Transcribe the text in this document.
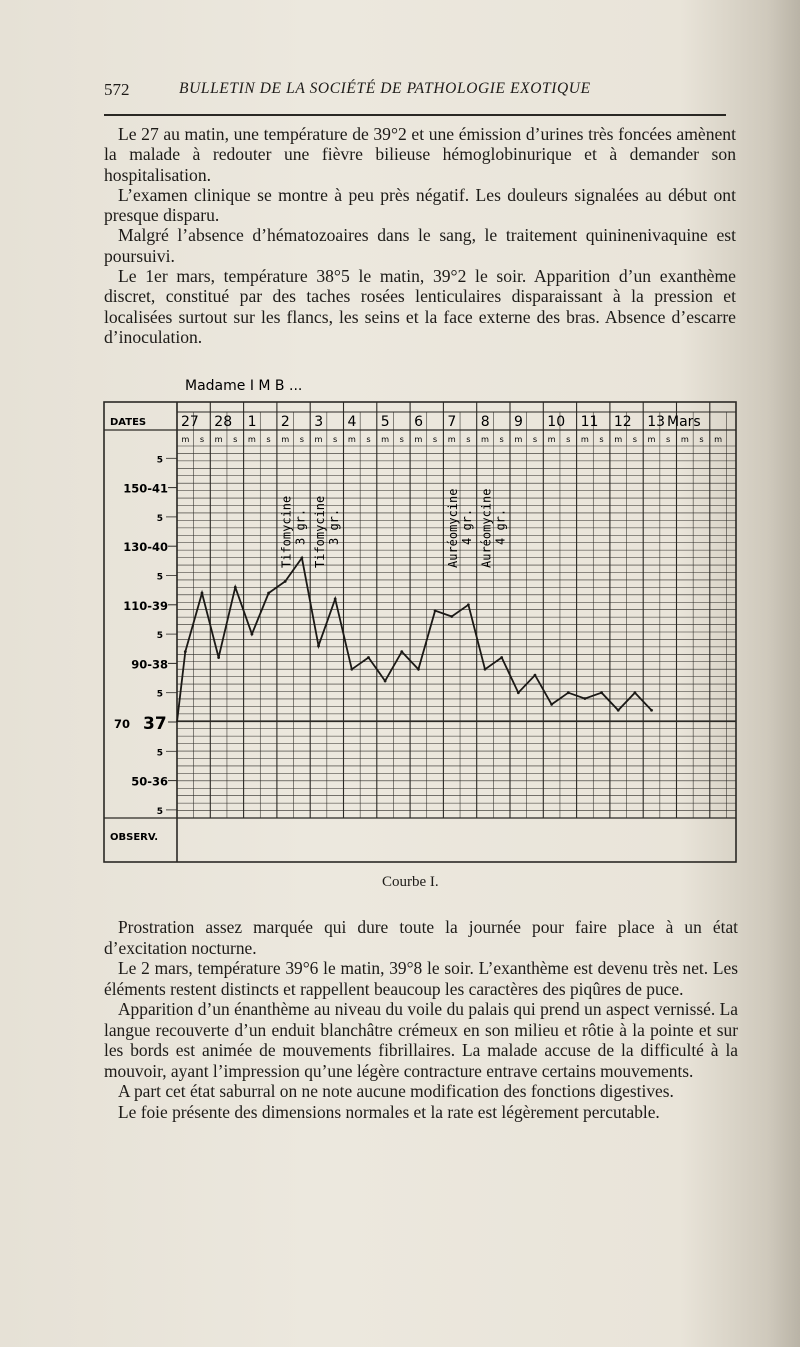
572	BULLETIN DE LA SOCIÉTÉ DE PATHOLOGIE EXOTIQUE

Le 27 au matin, une température de 39°2 et une émission d’urines très foncées amènent la malade à redouter une fièvre bilieuse hémoglobinurique et à demander son hospitalisation.

L’examen clinique se montre à peu près négatif. Les douleurs signalées au début ont presque disparu.

Malgré l’absence d’hématozoaires dans le sang, le traitement quininenivaquine est poursuivi.

Le 1er mars, température 38°5 le matin, 39°2 le soir. Apparition d’un exanthème discret, constitué par des taches rosées lenticulaires disparaissant à la pression et localisées surtout sur les flancs, les seins et la face externe des bras. Absence d’escarre d’inoculation.

Madame I M B ...
DATES
OBSERV.
Mars
27 28 1 2 3 4 5 6 7 8 9 10 11 12 13
m s m s m s m s m s m s m s m s m s m s m s m s m s m s m s m s m
150-41
130-40
110-39
90-38
70 37
50-36
5
5
5
5
5
5
5
Tifomycine 3 gr. Tifomycine 3 gr.	Auréomycine 4 gr. Auréomycine 4 gr.
Courbe I.

Prostration assez marquée qui dure toute la journée pour faire place à un état d’excitation nocturne.

Le 2 mars, température 39°6 le matin, 39°8 le soir. L’exanthème est devenu très net. Les éléments restent distincts et rappellent beaucoup les caractères des piqûres de puce.

Apparition d’un énanthème au niveau du voile du palais qui prend un aspect vernissé. La langue recouverte d’un enduit blanchâtre crémeux en son milieu et rôtie à la pointe et sur les bords est animée de mouvements fibrillaires. La malade accuse de la difficulté à la mouvoir, ayant l’impression qu’une légère contracture entrave certains mouvements.

A part cet état saburral on ne note aucune modification des fonctions digestives.

Le foie présente des dimensions normales et la rate est légèrement percutable.
